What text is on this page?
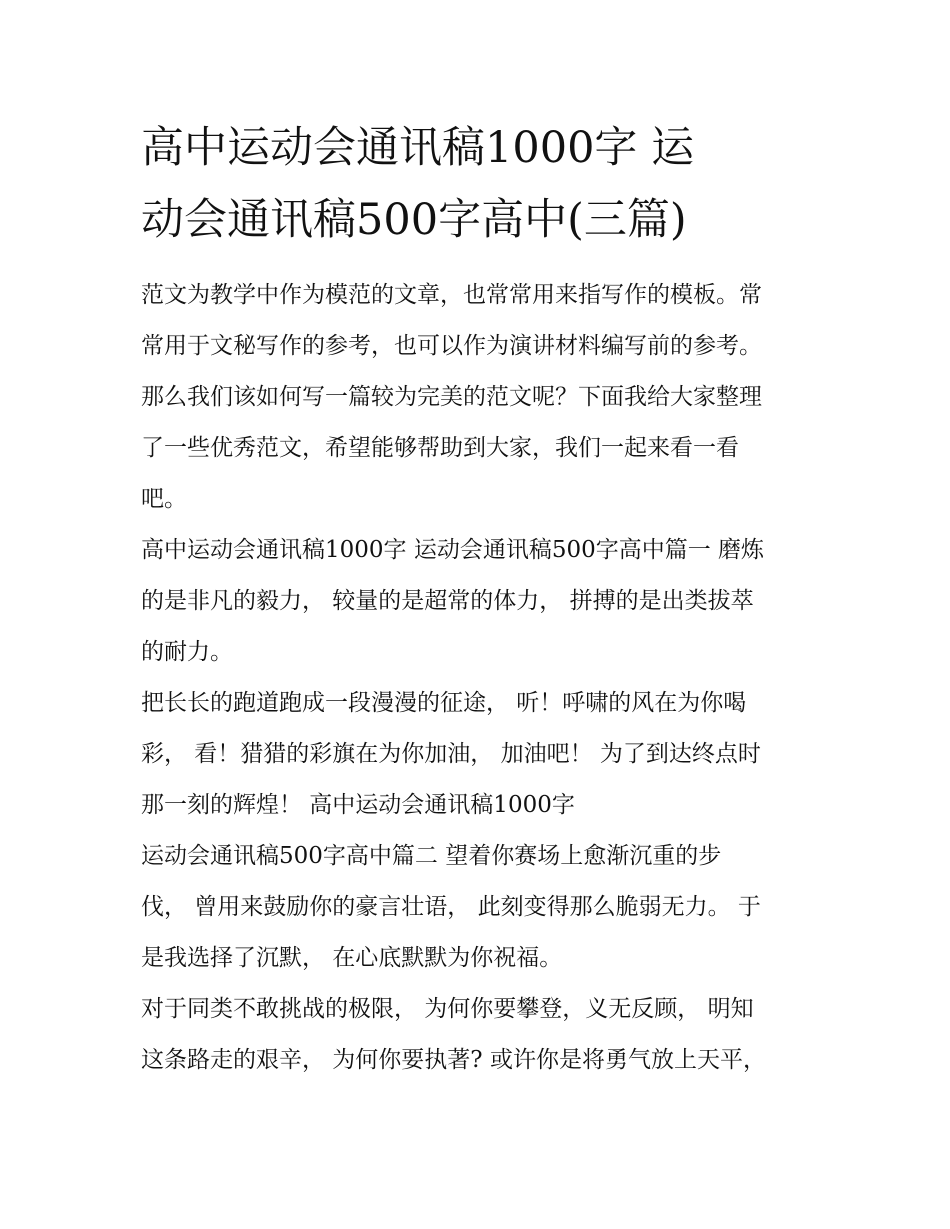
高中运动会通讯稿1000字 运
动会通讯稿500字高中(三篇)

范文为教学中作为模范的文章，也常常用来指写作的模板。常
常用于文秘写作的参考，也可以作为演讲材料编写前的参考。
那么我们该如何写一篇较为完美的范文呢？下面我给大家整理
了一些优秀范文，希望能够帮助到大家，我们一起来看一看
吧。

高中运动会通讯稿1000字 运动会通讯稿500字高中篇一 磨炼
的是非凡的毅力， 较量的是超常的体力， 拼搏的是出类拔萃
的耐力。

把长长的跑道跑成一段漫漫的征途， 听！呼啸的风在为你喝
彩， 看！猎猎的彩旗在为你加油， 加油吧！ 为了到达终点时
那一刻的辉煌！ 高中运动会通讯稿1000字

运动会通讯稿500字高中篇二 望着你赛场上愈渐沉重的步
伐， 曾用来鼓励你的豪言壮语， 此刻变得那么脆弱无力。 于
是我选择了沉默， 在心底默默为你祝福。

对于同类不敢挑战的极限， 为何你要攀登，义无反顾， 明知
这条路走的艰辛， 为何你要执著? 或许你是将勇气放上天平，
